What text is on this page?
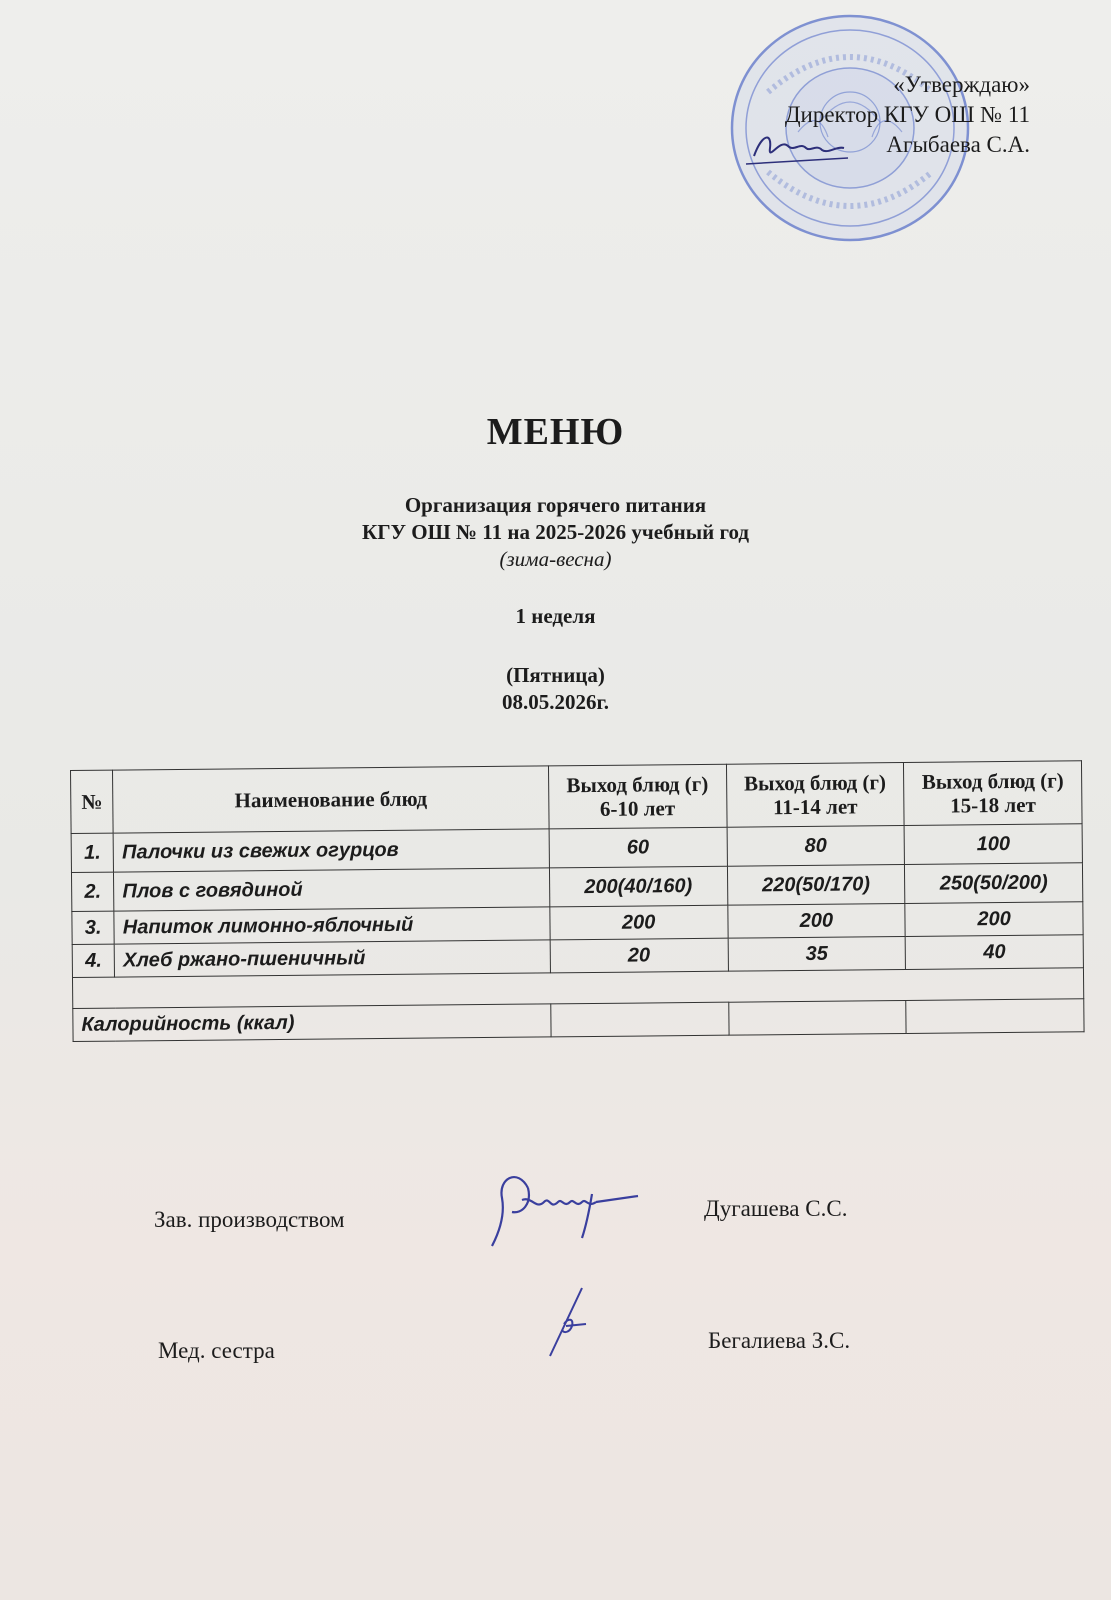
«Утверждаю»
Директор КГУ ОШ № 11
Агыбаева С.А.
МЕНЮ
Организация горячего питания
КГУ ОШ № 11 на 2025-2026 учебный год
(зима-весна)
1 неделя
(Пятница)
08.05.2026г.
№	Наименование блюд	Выход блюд (г) 6-10 лет	Выход блюд (г) 11-14 лет	Выход блюд (г) 15-18 лет
1.	Палочки из свежих огурцов	60	80	100
2.	Плов с говядиной	200(40/160)	220(50/170)	250(50/200)
3.	Напиток лимонно-яблочный	200	200	200
4.	Хлеб ржано-пшеничный	20	35	40

Калорийность (ккал)				
Зав. производством	Дугашева С.С.
Мед. сестра	Бегалиева З.С.
